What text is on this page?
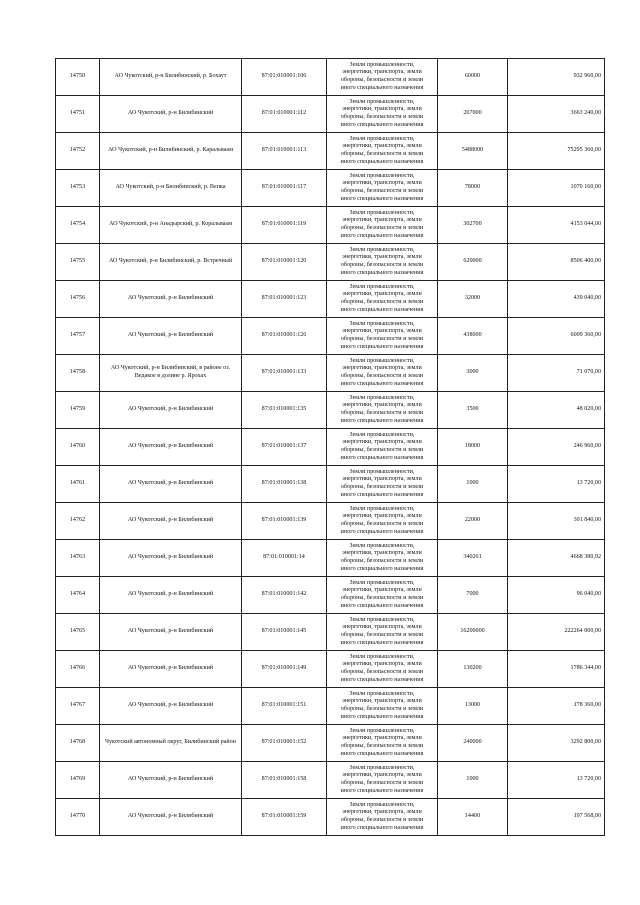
14750	АО Чукотский, р-н Билибинский, р. Бохаут	87:01:010001:106	Земли промышленности,
энергетики, транспорта, земли
обороны, безопасности и земли
иного специального назначения	60000	932 960,00
14751	АО Чукотский, р-н Билибинский	87:01:010001:112	Земли промышленности,
энергетики, транспорта, земли
обороны, безопасности и земли
иного специального назначения	267000	3663 240,00
14752	АО Чукотский, р-н Билибинский, р. Каральваам	87:01:010001:113	Земли промышленности,
энергетики, транспорта, земли
обороны, безопасности и земли
иного специального назначения	5488000	75295 360,00
14753	АО Чукотский, р-н Билибинский, р. Вепка	87:01:010001:117	Земли промышленности,
энергетики, транспорта, земли
обороны, безопасности и земли
иного специального назначения	78000	1070 160,00
14754	АО Чукотский, р-н Анадырский, р. Коральваам	87:01:010001:119	Земли промышленности,
энергетики, транспорта, земли
обороны, безопасности и земли
иного специального назначения	302700	4153 044,00
14755	АО Чукотский, р-н Билибинский, р. Встречный	87:01:010001:120	Земли промышленности,
энергетики, транспорта, земли
обороны, безопасности и земли
иного специального назначения	620000	8506 400,00
14756	АО Чукотский, р-н Билибинский	87:01:010001:123	Земли промышленности,
энергетики, транспорта, земли
обороны, безопасности и земли
иного специального назначения	32000	439 040,00
14757	АО Чукотский, р-н Билибинский	87:01:010001:126	Земли промышленности,
энергетики, транспорта, земли
обороны, безопасности и земли
иного специального назначения	438000	6009 360,00
14758	АО Чукотский, р-н Билибинский, в районе оз. Ведакое в долине р. Ярохах	87:01:010001:133	Земли промышленности,
энергетики, транспорта, земли
обороны, безопасности и земли
иного специального назначения	3000	71 070,00
14759	АО Чукотский, р-н Билибинский	87:01:010001:135	Земли промышленности,
энергетики, транспорта, земли
обороны, безопасности и земли
иного специального назначения	3500	48 020,00
14760	АО Чукотский, р-н Билибинский	87:01:010001:137	Земли промышленности,
энергетики, транспорта, земли
обороны, безопасности и земли
иного специального назначения	18000	246 960,00
14761	АО Чукотский, р-н Билибинский	87:01:010001:138	Земли промышленности,
энергетики, транспорта, земли
обороны, безопасности и земли
иного специального назначения	1000	13 720,00
14762	АО Чукотский, р-н Билибинский	87:01:010001:139	Земли промышленности,
энергетики, транспорта, земли
обороны, безопасности и земли
иного специального назначения	22000	301 840,00
14763	АО Чукотский, р-н Билибинский	87:01:010001:14	Земли промышленности,
энергетики, транспорта, земли
обороны, безопасности и земли
иного специального назначения	340261	4668 380,92
14764	АО Чукотский, р-н Билибинский	87:01:010001:142	Земли промышленности,
энергетики, транспорта, земли
обороны, безопасности и земли
иного специального назначения	7000	96 040,00
14765	АО Чукотский, р-н Билибинский	87:01:010001:145	Земли промышленности,
энергетики, транспорта, земли
обороны, безопасности и земли
иного специального назначения	16200000	222264 000,00
14766	АО Чукотский, р-н Билибинский	87:01:010001:149	Земли промышленности,
энергетики, транспорта, земли
обороны, безопасности и земли
иного специального назначения	130200	1786 344,00
14767	АО Чукотский, р-н Билибинский	87:01:010001:151	Земли промышленности,
энергетики, транспорта, земли
обороны, безопасности и земли
иного специального назначения	13000	178 360,00
14768	Чукотский автономный округ, Билибинский район	87:01:010001:152	Земли промышленности,
энергетики, транспорта, земли
обороны, безопасности и земли
иного специального назначения	240000	3292 800,00
14769	АО Чукотский, р-н Билибинский	87:01:010001:158	Земли промышленности,
энергетики, транспорта, земли
обороны, безопасности и земли
иного специального назначения	1000	13 720,00
14770	АО Чукотский, р-н Билибинский	87:01:010001:159	Земли промышленности,
энергетики, транспорта, земли
обороны, безопасности и земли
иного специального назначения	14400	197 568,00
